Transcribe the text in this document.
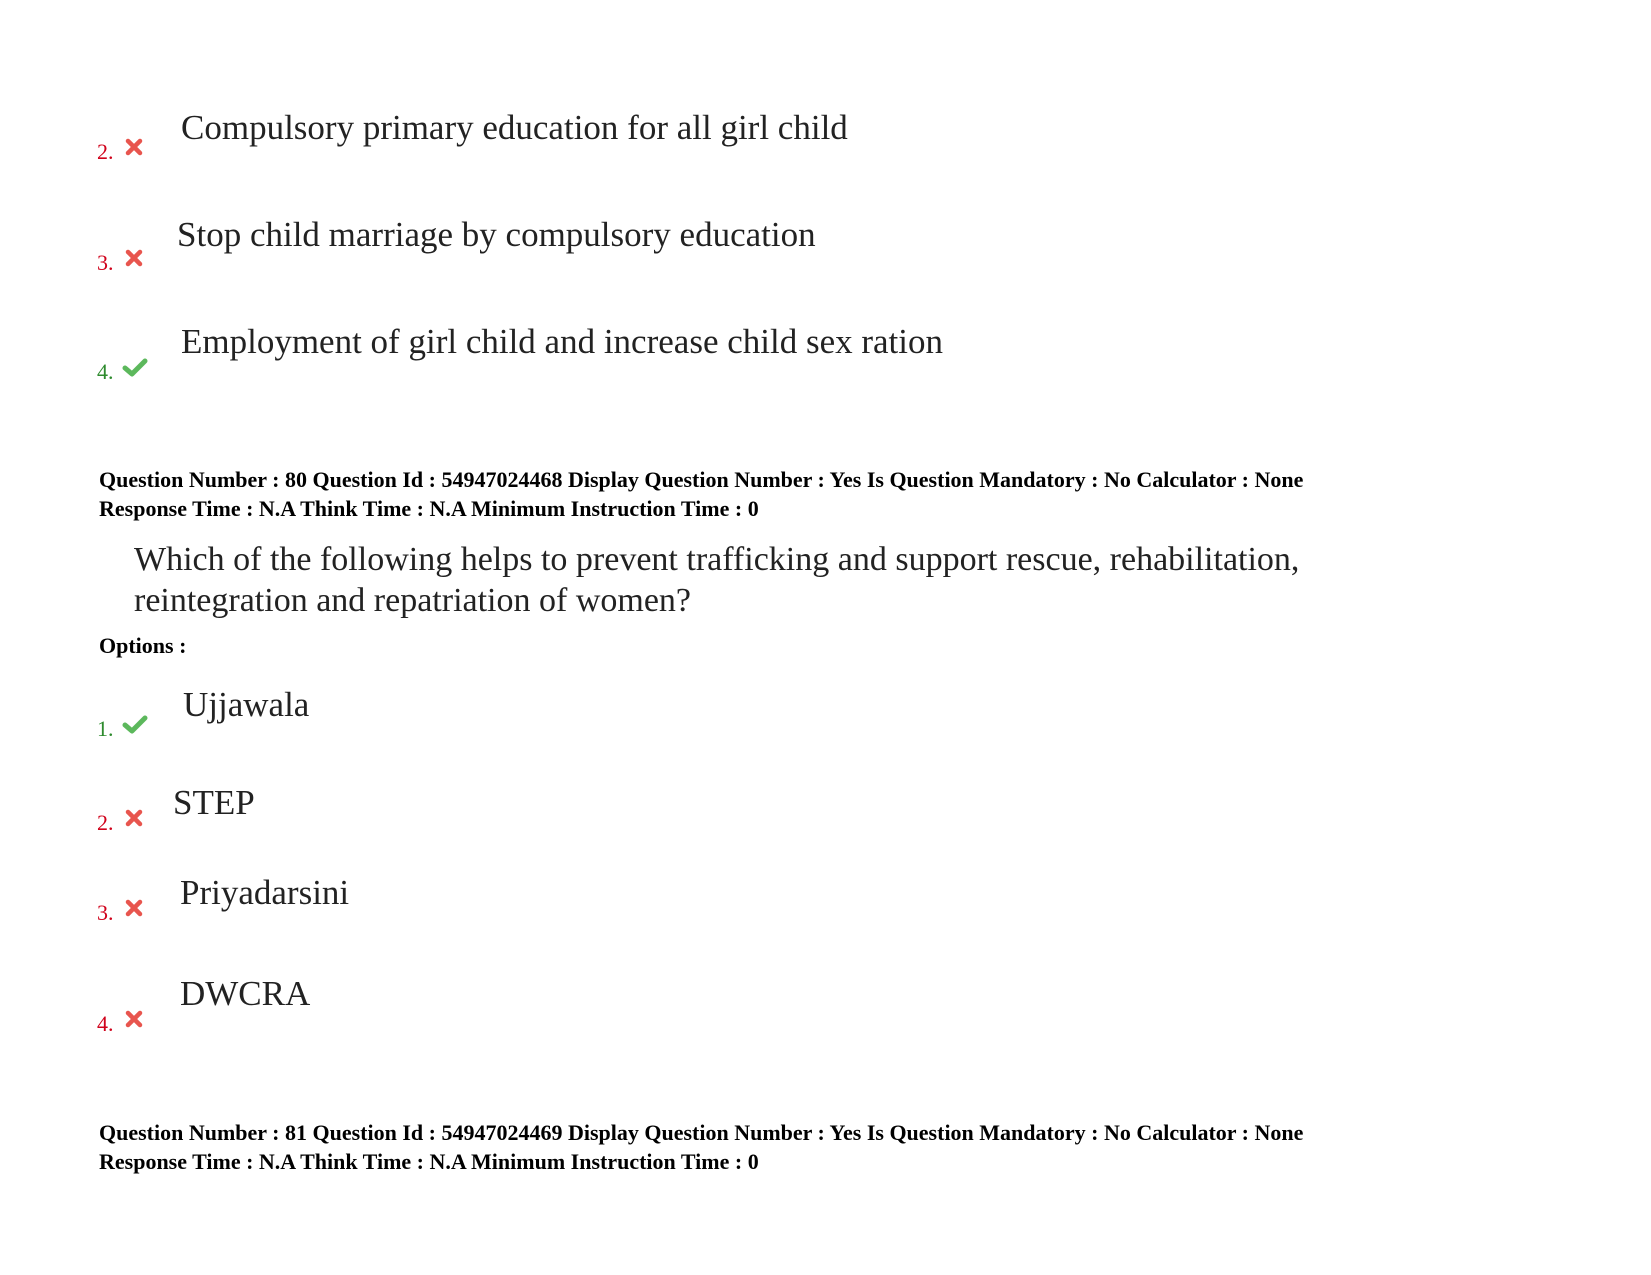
2.
Compulsory primary education for all girl child
3.
Stop child marriage by compulsory education
4.
Employment of girl child and increase child sex ration
Question Number : 80 Question Id : 54947024468 Display Question Number : Yes Is Question Mandatory : No Calculator : None
Response Time : N.A Think Time : N.A Minimum Instruction Time : 0
Which of the following helps to prevent trafficking and support rescue, rehabilitation, reintegration and repatriation of women?
Options :
1.
Ujjawala
2.
STEP
3.
Priyadarsini
4.
DWCRA
Question Number : 81 Question Id : 54947024469 Display Question Number : Yes Is Question Mandatory : No Calculator : None
Response Time : N.A Think Time : N.A Minimum Instruction Time : 0
